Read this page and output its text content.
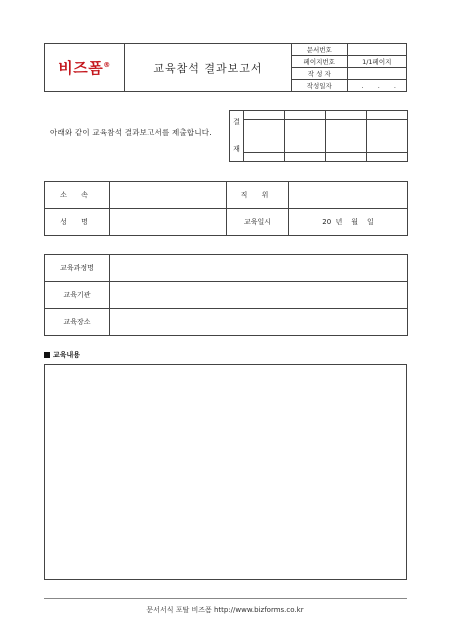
비즈폼®	교육참석 결과보고서
문서번호	
페이지번호	1/1페이지
작 성 자	
작성일자	. . .
아래와 같이 교육참석 결과보고서를 제출합니다.
결

재				

소 속		직 위	
성 명		교육일시	20  년    월    일
교육과정명	
교육기관	
교육장소	
교육내용
문서서식 포탈 비즈폼 http://www.bizforms.co.kr
